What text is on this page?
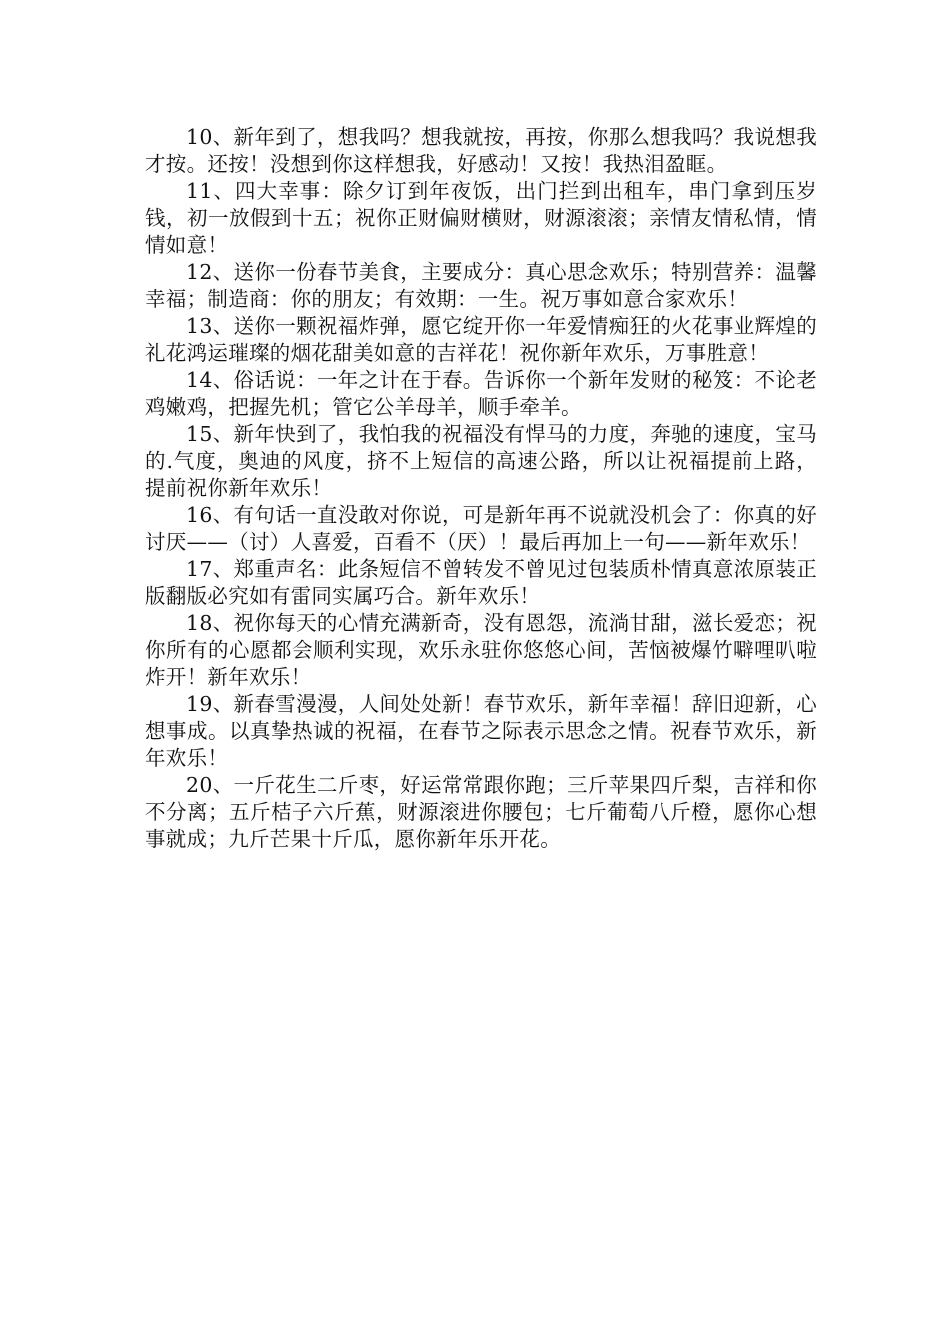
10、新年到了，想我吗？想我就按，再按，你那么想我吗？我说想我才按。还按！没想到你这样想我，好感动！又按！我热泪盈眶。

11、四大幸事：除夕订到年夜饭，出门拦到出租车，串门拿到压岁钱，初一放假到十五；祝你正财偏财横财，财源滚滚；亲情友情私情，情情如意！

12、送你一份春节美食，主要成分：真心思念欢乐；特别营养：温馨幸福；制造商：你的朋友；有效期：一生。祝万事如意合家欢乐！

13、送你一颗祝福炸弹，愿它绽开你一年爱情痴狂的火花事业辉煌的礼花鸿运璀璨的烟花甜美如意的吉祥花！祝你新年欢乐，万事胜意！

14、俗话说：一年之计在于春。告诉你一个新年发财的秘笈：不论老鸡嫩鸡，把握先机；管它公羊母羊，顺手牵羊。

15、新年快到了，我怕我的祝福没有悍马的力度，奔驰的速度，宝马的.气度，奥迪的风度，挤不上短信的高速公路，所以让祝福提前上路，提前祝你新年欢乐！

16、有句话一直没敢对你说，可是新年再不说就没机会了：你真的好讨厌——（讨）人喜爱，百看不（厌）！最后再加上一句——新年欢乐！

17、郑重声名：此条短信不曾转发不曾见过包装质朴情真意浓原装正版翻版必究如有雷同实属巧合。新年欢乐！

18、祝你每天的心情充满新奇，没有恩怨，流淌甘甜，滋长爱恋；祝你所有的心愿都会顺利实现，欢乐永驻你悠悠心间，苦恼被爆竹噼哩叭啦炸开！新年欢乐！

19、新春雪漫漫，人间处处新！春节欢乐，新年幸福！辞旧迎新，心想事成。以真挚热诚的祝福，在春节之际表示思念之情。祝春节欢乐，新年欢乐！

20、一斤花生二斤枣，好运常常跟你跑；三斤苹果四斤梨，吉祥和你不分离；五斤桔子六斤蕉，财源滚进你腰包；七斤葡萄八斤橙，愿你心想事就成；九斤芒果十斤瓜，愿你新年乐开花。
